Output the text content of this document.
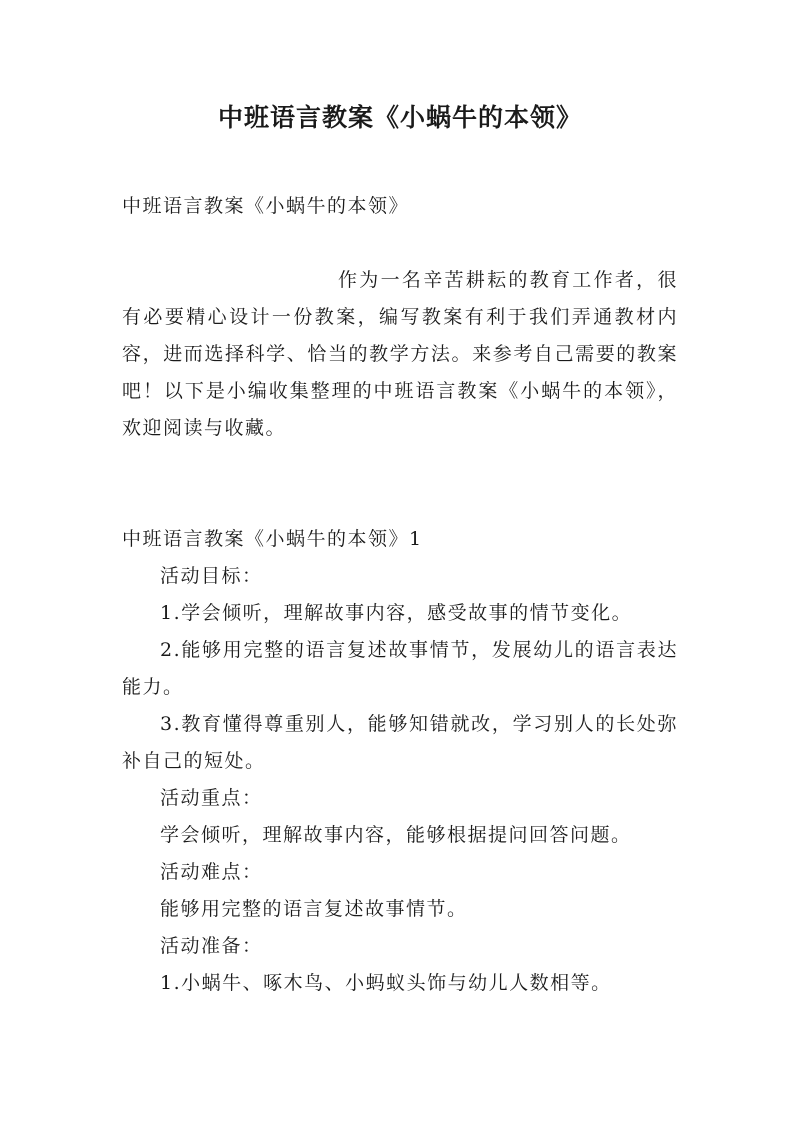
中班语言教案《小蜗牛的本领》

中班语言教案《小蜗牛的本领》

作为一名辛苦耕耘的教育工作者，很有必要精心设计一份教案，编写教案有利于我们弄通教材内容，进而选择科学、恰当的教学方法。来参考自己需要的教案吧！以下是小编收集整理的中班语言教案《小蜗牛的本领》，欢迎阅读与收藏。

中班语言教案《小蜗牛的本领》1

活动目标：

1.学会倾听，理解故事内容，感受故事的情节变化。

2.能够用完整的语言复述故事情节，发展幼儿的语言表达能力。

3.教育懂得尊重别人，能够知错就改，学习别人的长处弥补自己的短处。

活动重点：

学会倾听，理解故事内容，能够根据提问回答问题。

活动难点：

能够用完整的语言复述故事情节。

活动准备：

1.小蜗牛、啄木鸟、小蚂蚁头饰与幼儿人数相等。
